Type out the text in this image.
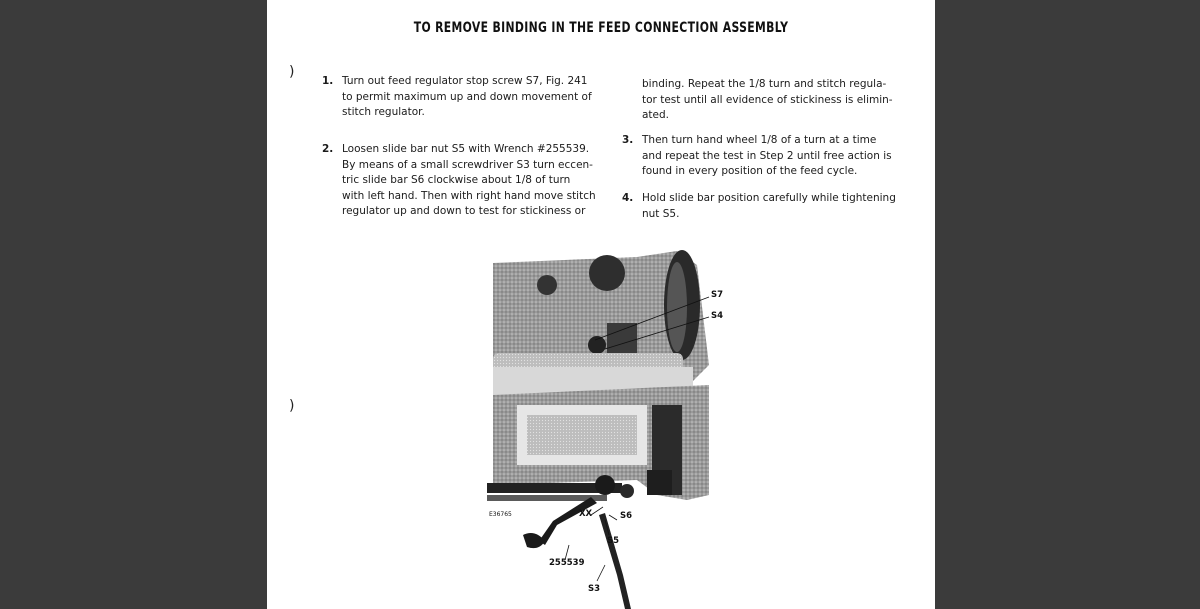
TO REMOVE BINDING IN THE FEED CONNECTION ASSEMBLY
1. Turn out feed regulator stop screw S7, Fig. 241

to permit maximum up and down movement of

stitch regulator.

2. Loosen slide bar nut S5 with Wrench #255539.

By means of a small screwdriver S3 turn eccen-

tric slide bar S6 clockwise about 1/8 of turn

with left hand. Then with right hand move stitch

regulator up and down to test for stickiness or

binding. Repeat the 1/8 turn and stitch regula-

tor test until all evidence of stickiness is elimin-

ated.

3. Then turn hand wheel 1/8 of a turn at a time

and repeat the test in Step 2 until free action is

found in every position of the feed cycle.

4. Hold slide bar position carefully while tightening

nut S5.

)
)
S7
S4
E36765	XX	S6
S5
255539
S3
